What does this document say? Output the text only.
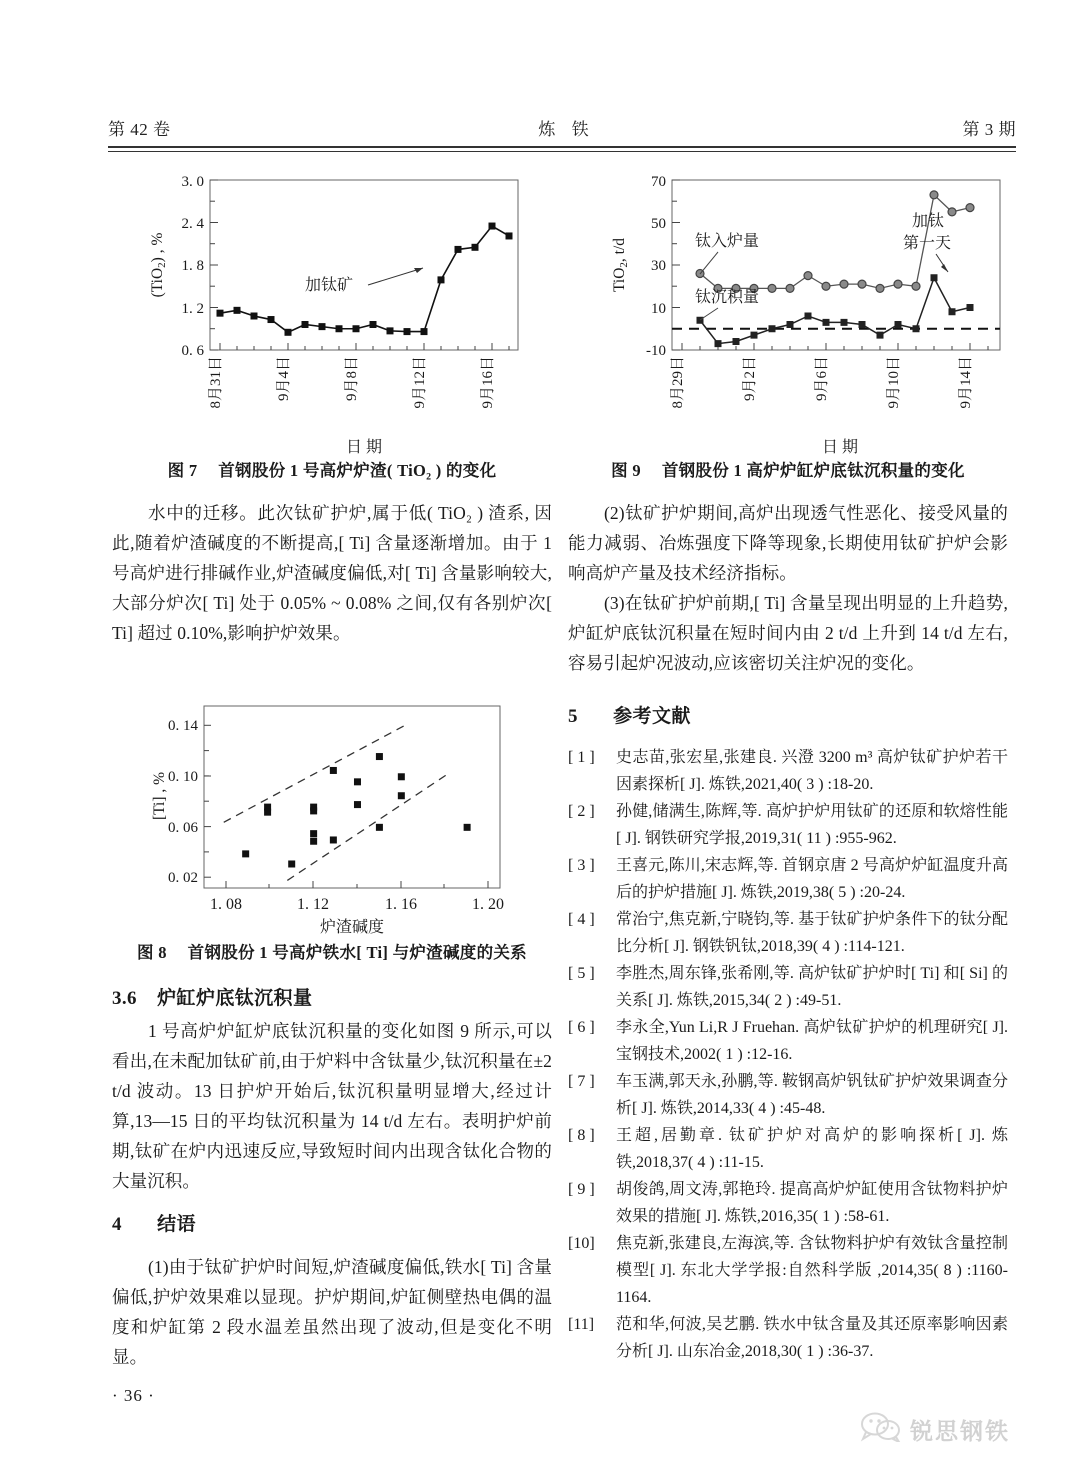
第 42 卷	炼 铁	第 3 期
3. 0
2. 4
1. 8
1. 2
0. 6
(TiO2) , %
8月31日	9月4日	9月8日	9月12日	9月16日
日 期
加钛矿
70
50
30
10
-10
TiO2, t/d
8月29日	9月2日	9月6日	9月10日	9月14日
日 期
钛入炉量
钛沉积量
加钛
第一天

图 7 首钢股份 1 号高炉炉渣( TiO₂ ) 的变化

水中的迁移。此次钛矿护炉,属于低( TiO₂ ) 渣系, 因此,随着炉渣碱度的不断提高,[ Ti] 含量逐渐增加。由于 1 号高炉进行排碱作业,炉渣碱度偏低,对[ Ti] 含量影响较大,大部分炉次[ Ti] 处于 0.05% ~ 0.08% 之间,仅有各别炉次[ Ti] 超过 0.10%,影响护炉效果。

0. 14
0. 10
0. 06
0. 02
[Ti] , %
1. 08	1. 12	1. 16	1. 20
炉渣碱度

图 8 首钢股份 1 号高炉铁水[ Ti] 与炉渣碱度的关系

3.6 炉缸炉底钛沉积量

1 号高炉炉缸炉底钛沉积量的变化如图 9 所示,可以看出,在未配加钛矿前,由于炉料中含钛量少,钛沉积量在±2 t/d 波动。13 日护炉开始后,钛沉积量明显增大,经过计算,13—15 日的平均钛沉积量为 14 t/d 左右。表明护炉前期,钛矿在炉内迅速反应,导致短时间内出现含钛化合物的大量沉积。

4 结语

(1)由于钛矿护炉时间短,炉渣碱度偏低,铁水[ Ti] 含量偏低,护炉效果难以显现。护炉期间,炉缸侧壁热电偶的温度和炉缸第 2 段水温差虽然出现了波动,但是变化不明显。

· 36 ·

图 9 首钢股份 1 高炉炉缸炉底钛沉积量的变化

(2)钛矿护炉期间,高炉出现透气性恶化、接受风量的能力减弱、冶炼强度下降等现象,长期使用钛矿护炉会影响高炉产量及技术经济指标。

(3)在钛矿护炉前期,[ Ti] 含量呈现出明显的上升趋势,炉缸炉底钛沉积量在短时间内由 2 t/d 上升到 14 t/d 左右,容易引起炉况波动,应该密切关注炉况的变化。

5 参考文献
[ 1 ]	史志苗,张宏星,张建良. 兴澄 3200 m³ 高炉钛矿护炉若干因素探析[ J]. 炼铁,2021,40( 3 ) :18-20.
[ 2 ]	孙健,储满生,陈辉,等. 高炉护炉用钛矿的还原和软熔性能[ J]. 钢铁研究学报,2019,31( 11 ) :955-962.
[ 3 ]	王喜元,陈川,宋志辉,等. 首钢京唐 2 号高炉炉缸温度升高后的护炉措施[ J]. 炼铁,2019,38( 5 ) :20-24.
[ 4 ]	常治宁,焦克新,宁晓钧,等. 基于钛矿护炉条件下的钛分配比分析[ J]. 钢铁钒钛,2018,39( 4 ) :114-121.
[ 5 ]	李胜杰,周东锋,张希刚,等. 高炉钛矿护炉时[ Ti] 和[ Si] 的关系[ J]. 炼铁,2015,34( 2 ) :49-51.
[ 6 ]	李永全,Yun Li,R J Fruehan. 高炉钛矿护炉的机理研究[ J]. 宝钢技术,2002( 1 ) :12-16.
[ 7 ]	车玉满,郭天永,孙鹏,等. 鞍钢高炉钒钛矿护炉效果调查分析[ J]. 炼铁,2014,33( 4 ) :45-48.
[ 8 ]	王超,居勤章. 钛矿护炉对高炉的影响探析[ J]. 炼铁,2018,37( 4 ) :11-15.
[ 9 ]	胡俊鸽,周文涛,郭艳玲. 提高高炉炉缸使用含钛物料护炉效果的措施[ J]. 炼铁,2016,35( 1 ) :58-61.
[10]	焦克新,张建良,左海滨,等. 含钛物料护炉有效钛含量控制模型[ J]. 东北大学学报:自然科学版 ,2014,35( 8 ) :1160-1164.
[11]	范和华,何波,吴艺鹏. 铁水中钛含量及其还原率影响因素分析[ J]. 山东冶金,2018,30( 1 ) :36-37.
锐思钢铁
